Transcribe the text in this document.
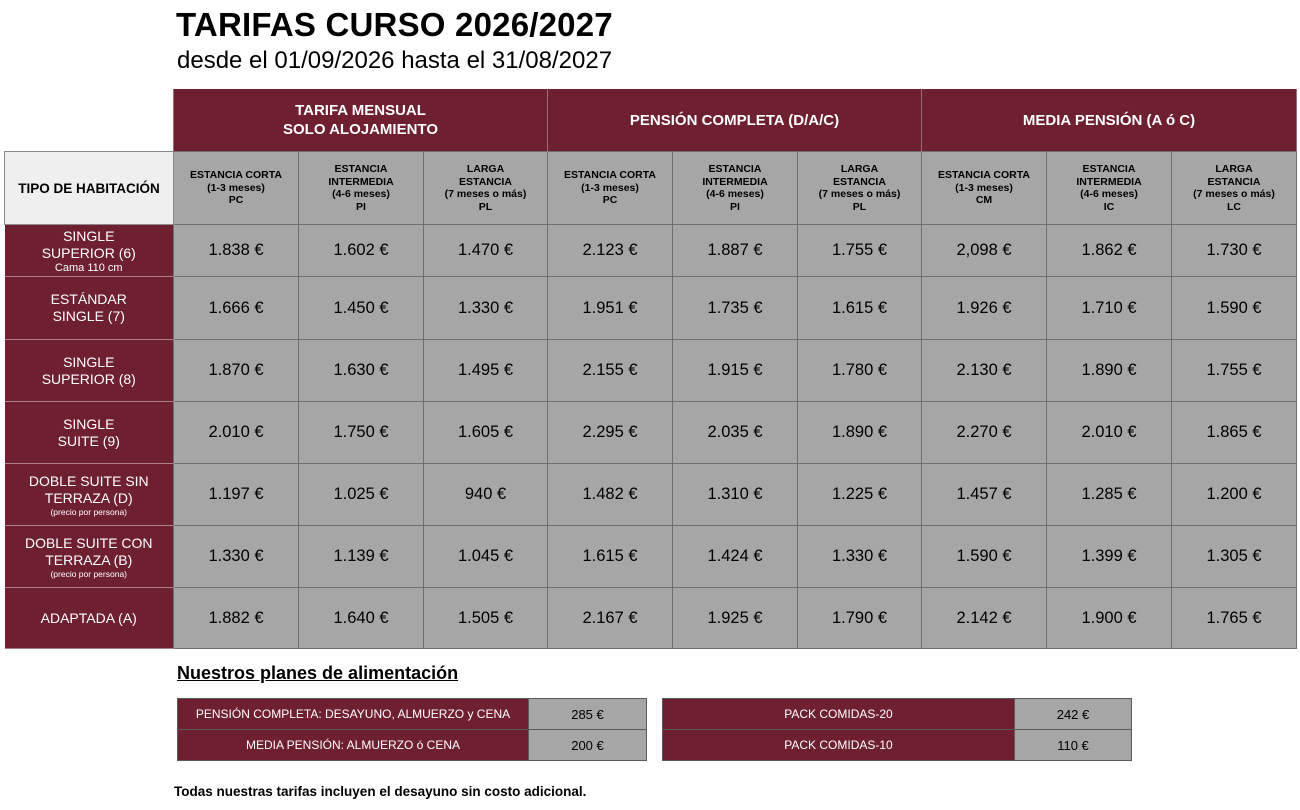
TARIFAS CURSO 2026/2027
desde el 01/09/2026 hasta el 31/08/2027
	TARIFA MENSUAL
SOLO ALOJAMIENTO			PENSIÓN COMPLETA (D/A/C)			MEDIA PENSIÓN (A ó C)		
TIPO DE HABITACIÓN	ESTANCIA CORTA
(1-3 meses)
PC	ESTANCIA
INTERMEDIA
(4-6 meses)
PI	LARGA
ESTANCIA
(7 meses o más)
PL	ESTANCIA CORTA
(1-3 meses)
PC	ESTANCIA
INTERMEDIA
(4-6 meses)
PI	LARGA
ESTANCIA
(7 meses o más)
PL	ESTANCIA CORTA
(1-3 meses)
CM	ESTANCIA
INTERMEDIA
(4-6 meses)
IC	LARGA
ESTANCIA
(7 meses o más)
LC
SINGLE
SUPERIOR (6)
Cama 110 cm	1.838 €	1.602 €	1.470 €	2.123 €	1.887 €	1.755 €	2,098 €	1.862 €	1.730 €
ESTÁNDAR
SINGLE (7)	1.666 €	1.450 €	1.330 €	1.951 €	1.735 €	1.615 €	1.926 €	1.710 €	1.590 €
SINGLE
SUPERIOR (8)	1.870 €	1.630 €	1.495 €	2.155 €	1.915 €	1.780 €	2.130 €	1.890 €	1.755 €
SINGLE
SUITE (9)	2.010 €	1.750 €	1.605 €	2.295 €	2.035 €	1.890 €	2.270 €	2.010 €	1.865 €
DOBLE SUITE SIN
TERRAZA (D)
(precio por persona)	1.197 €	1.025 €	940 €	1.482 €	1.310 €	1.225 €	1.457 €	1.285 €	1.200 €
DOBLE SUITE CON
TERRAZA (B)
(precio por persona)	1.330 €	1.139 €	1.045 €	1.615 €	1.424 €	1.330 €	1.590 €	1.399 €	1.305 €
ADAPTADA (A)	1.882 €	1.640 €	1.505 €	2.167 €	1.925 €	1.790 €	2.142 €	1.900 €	1.765 €
Nuestros planes de alimentación
PENSIÓN COMPLETA: DESAYUNO, ALMUERZO y CENA	285 €
MEDIA PENSIÓN: ALMUERZO ó CENA	200 €
PACK COMIDAS-20	242 €
PACK COMIDAS-10	110 €
Todas nuestras tarifas incluyen el desayuno sin costo adicional.
